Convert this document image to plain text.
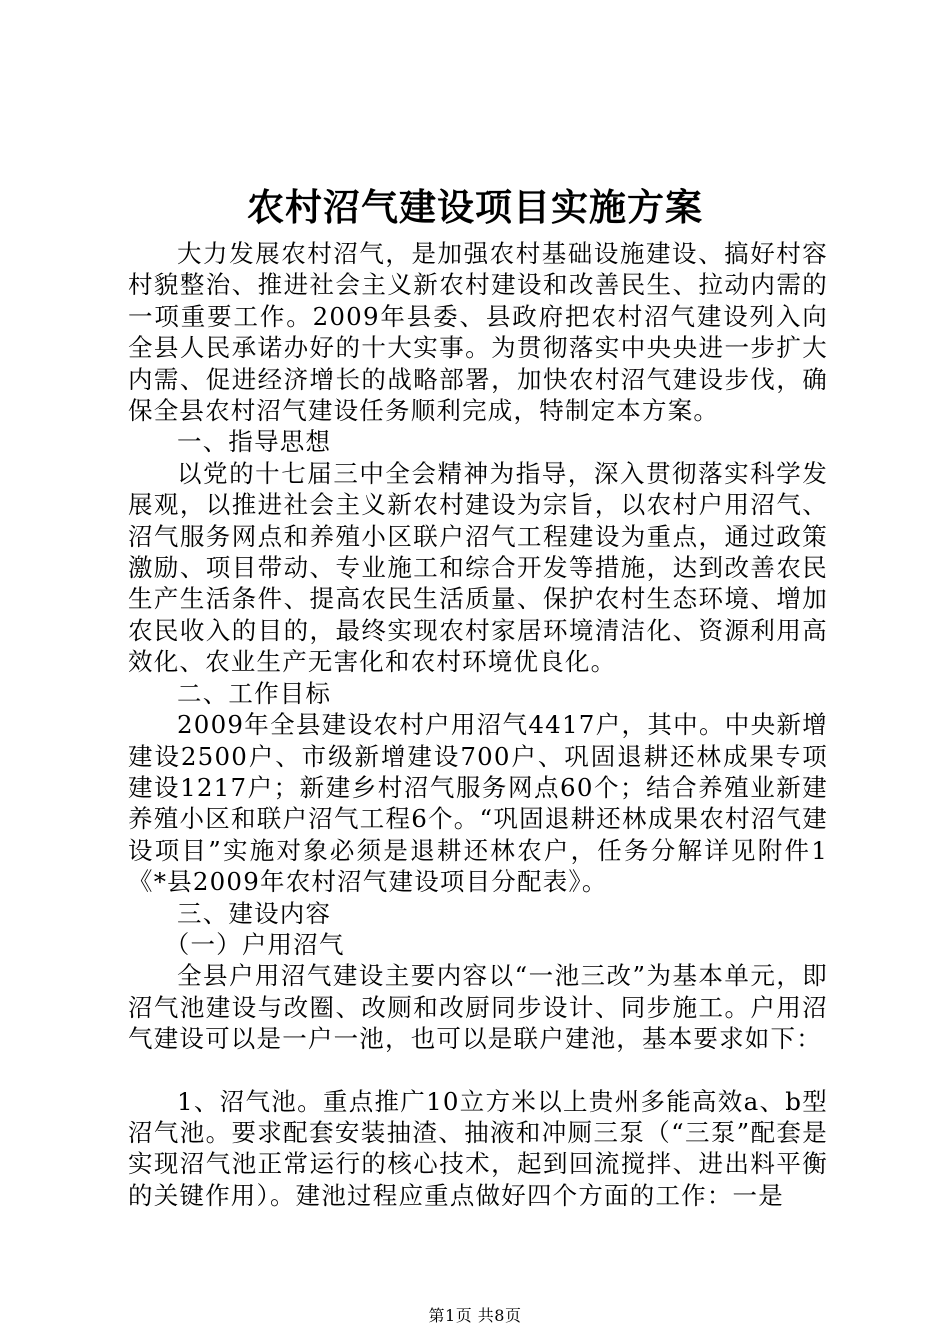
农村沼气建设项目实施方案

大力发展农村沼气，是加强农村基础设施建设、搞好村容村貌整治、推进社会主义新农村建设和改善民生、拉动内需的一项重要工作。2009年县委、县政府把农村沼气建设列入向全县人民承诺办好的十大实事。为贯彻落实中央央进一步扩大内需、促进经济增长的战略部署，加快农村沼气建设步伐，确保全县农村沼气建设任务顺利完成，特制定本方案。

一、指导思想

以党的十七届三中全会精神为指导，深入贯彻落实科学发展观，以推进社会主义新农村建设为宗旨，以农村户用沼气、沼气服务网点和养殖小区联户沼气工程建设为重点，通过政策激励、项目带动、专业施工和综合开发等措施，达到改善农民生产生活条件、提高农民生活质量、保护农村生态环境、增加农民收入的目的，最终实现农村家居环境清洁化、资源利用高效化、农业生产无害化和农村环境优良化。

二、工作目标

2009年全县建设农村户用沼气4417户，其中。中央新增建设2500户、市级新增建设700户、巩固退耕还林成果专项建设1217户；新建乡村沼气服务网点60个；结合养殖业新建养殖小区和联户沼气工程6个。“巩固退耕还林成果农村沼气建设项目”实施对象必须是退耕还林农户，任务分解详见附件1《*县2009年农村沼气建设项目分配表》。

三、建设内容

（一）户用沼气

全县户用沼气建设主要内容以“一池三改”为基本单元，即沼气池建设与改圈、改厕和改厨同步设计、同步施工。户用沼气建设可以是一户一池，也可以是联户建池，基本要求如下：

1、沼气池。重点推广10立方米以上贵州多能高效a、b型沼气池。要求配套安装抽渣、抽液和冲厕三泵（“三泵”配套是实现沼气池正常运行的核心技术，起到回流搅拌、进出料平衡的关键作用）。建池过程应重点做好四个方面的工作：一是

第1页 共8页
